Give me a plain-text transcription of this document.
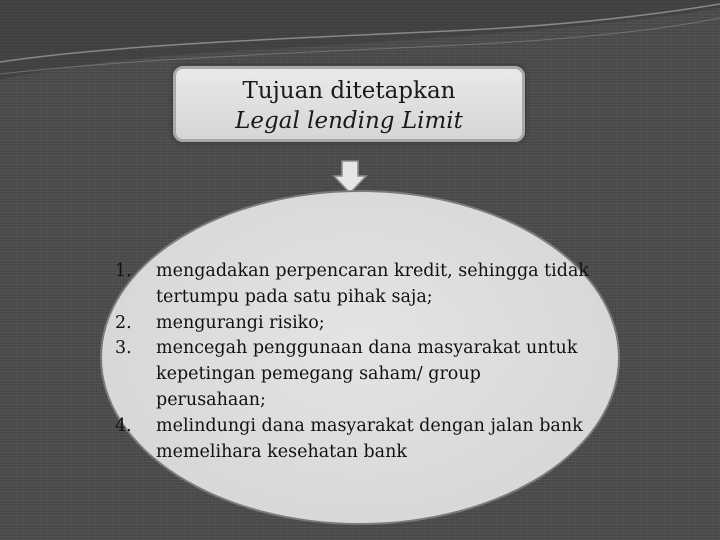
Tujuan ditetapkan
Legal lending Limit
1.	mengadakan perpencaran kredit, sehingga tidak tertumpu pada satu pihak saja;
2.	mengurangi risiko;
3.	mencegah penggunaan dana masyarakat untuk kepetingan pemegang saham/ group perusahaan;
4.	melindungi dana masyarakat dengan jalan bank memelihara kesehatan bank
